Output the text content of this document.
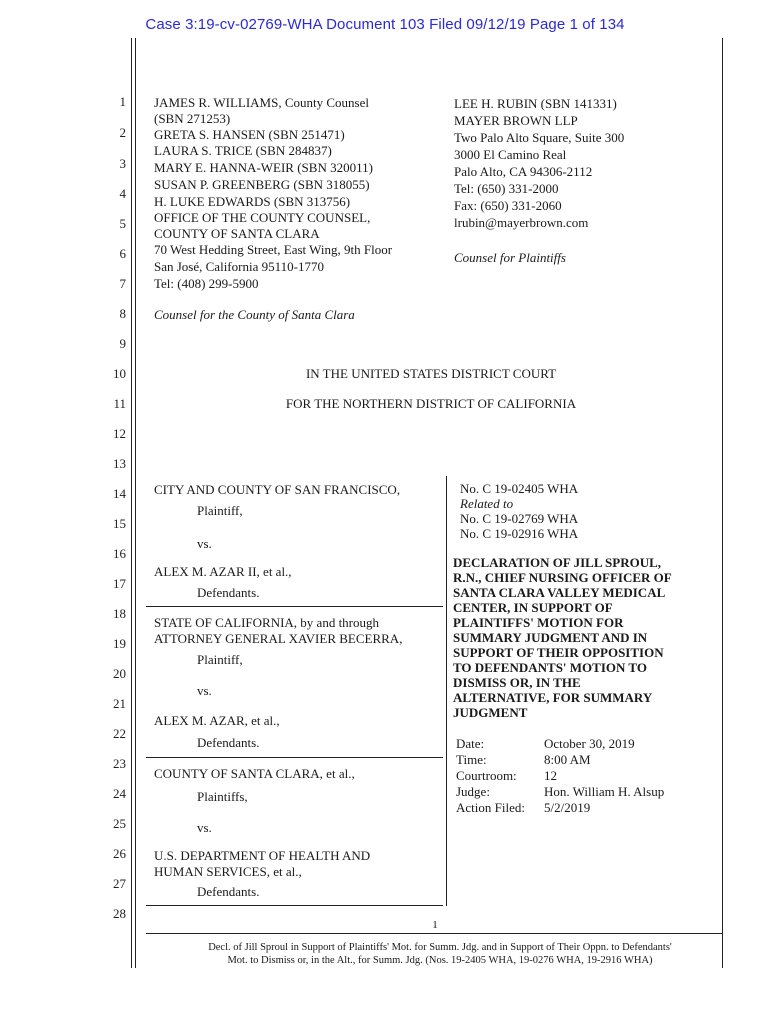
Case 3:19-cv-02769-WHA Document 103 Filed 09/12/19 Page 1 of 134
1
2
3
4
5
6
7
8
9
10
11
12
13
14
15
16
17
18
19
20
21
22
23
24
25
26
27
28
JAMES R. WILLIAMS, County Counsel
(SBN 271253)
GRETA S. HANSEN (SBN 251471)
LAURA S. TRICE (SBN 284837)
MARY E. HANNA-WEIR (SBN 320011)
SUSAN P. GREENBERG (SBN 318055)
H. LUKE EDWARDS (SBN 313756)
OFFICE OF THE COUNTY COUNSEL,
COUNTY OF SANTA CLARA
70 West Hedding Street, East Wing, 9th Floor
San José, California 95110-1770
Tel: (408) 299-5900
Counsel for the County of Santa Clara
LEE H. RUBIN (SBN 141331)
MAYER BROWN LLP
Two Palo Alto Square, Suite 300
3000 El Camino Real
Palo Alto, CA 94306-2112
Tel: (650) 331-2000
Fax: (650) 331-2060
lrubin@mayerbrown.com
Counsel for Plaintiffs
IN THE UNITED STATES DISTRICT COURT
FOR THE NORTHERN DISTRICT OF CALIFORNIA
CITY AND COUNTY OF SAN FRANCISCO,
Plaintiff,
vs.
ALEX M. AZAR II, et al.,
Defendants.
STATE OF CALIFORNIA, by and through
ATTORNEY GENERAL XAVIER BECERRA,
Plaintiff,
vs.
ALEX M. AZAR, et al.,
Defendants.
COUNTY OF SANTA CLARA, et al.,
Plaintiffs,
vs.
U.S. DEPARTMENT OF HEALTH AND
HUMAN SERVICES, et al.,
Defendants.
No. C 19-02405 WHA
Related to
No. C 19-02769 WHA
No. C 19-02916 WHA
DECLARATION OF JILL SPROUL,
R.N., CHIEF NURSING OFFICER OF
SANTA CLARA VALLEY MEDICAL
CENTER, IN SUPPORT OF
PLAINTIFFS' MOTION FOR
SUMMARY JUDGMENT AND IN
SUPPORT OF THEIR OPPOSITION
TO DEFENDANTS' MOTION TO
DISMISS OR, IN THE
ALTERNATIVE, FOR SUMMARY
JUDGMENT
Date:	October 30, 2019
Time:	8:00 AM
Courtroom: 12
Judge:	Hon. William H. Alsup
Action Filed: 5/2/2019
1
Decl. of Jill Sproul in Support of Plaintiffs' Mot. for Summ. Jdg. and in Support of Their Oppn. to Defendants'
Mot. to Dismiss or, in the Alt., for Summ. Jdg. (Nos. 19-2405 WHA, 19-0276 WHA, 19-2916 WHA)
